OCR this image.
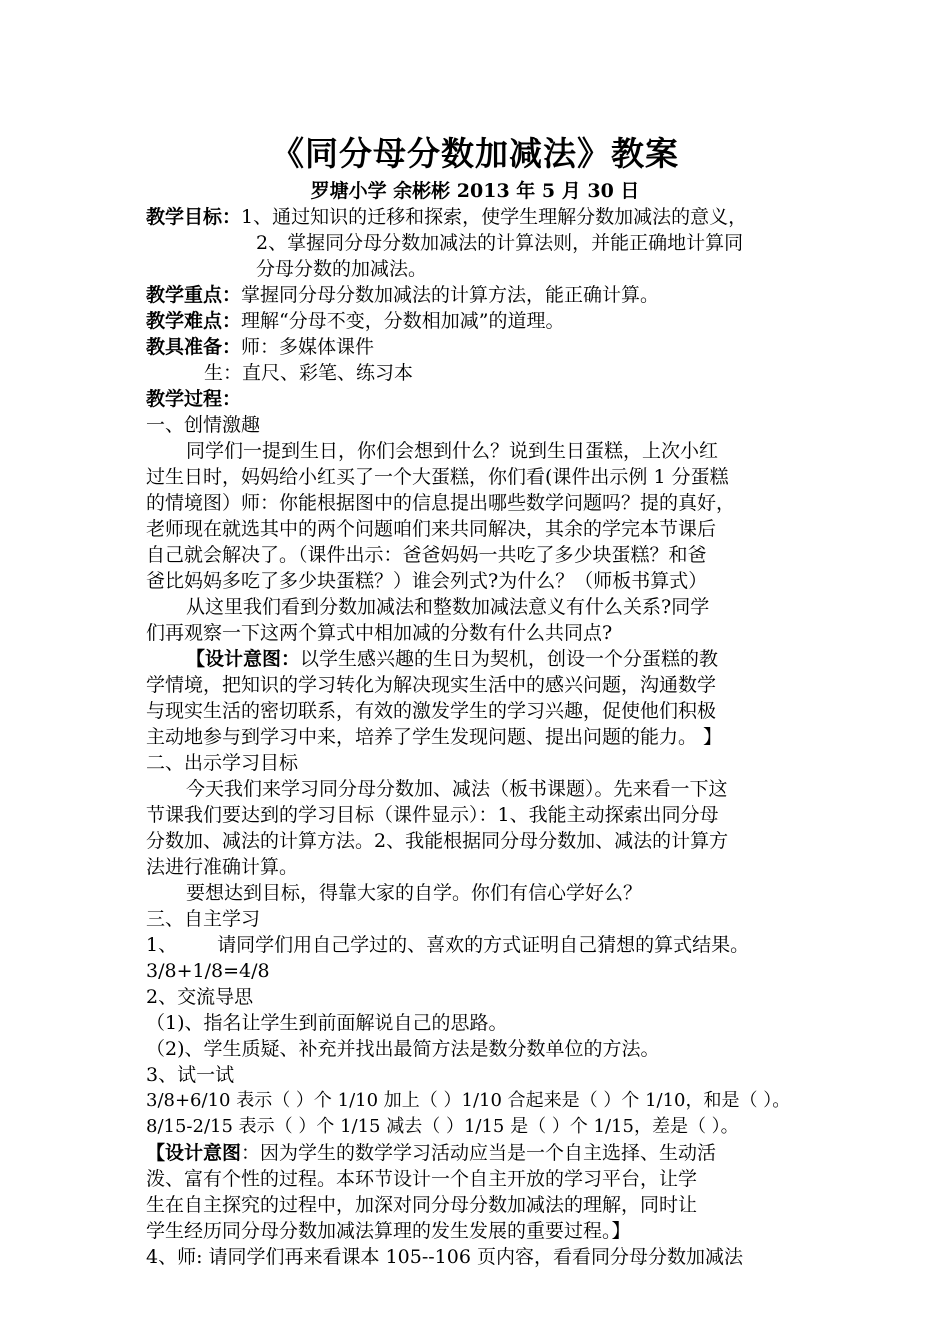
《同分母分数加减法》教案
罗塘小学 余彬彬 2013 年 5 月 30 日
教学目标：1、通过知识的迁移和探索，使学生理解分数加减法的意义，
2、掌握同分母分数加减法的计算法则，并能正确地计算同
分母分数的加减法。
教学重点：掌握同分母分数加减法的计算方法，能正确计算。
教学难点：理解“分母不变，分数相加减”的道理。
教具准备：师：多媒体课件
生：直尺、彩笔、练习本
教学过程：
一、创情激趣
同学们一提到生日，你们会想到什么？说到生日蛋糕，上次小红
过生日时，妈妈给小红买了一个大蛋糕，你们看(课件出示例 1 分蛋糕
的情境图）师：你能根据图中的信息提出哪些数学问题吗？提的真好，
老师现在就选其中的两个问题咱们来共同解决，其余的学完本节课后
自己就会解决了。（课件出示：爸爸妈妈一共吃了多少块蛋糕？和爸
爸比妈妈多吃了多少块蛋糕？）谁会列式?为什么？（师板书算式）
从这里我们看到分数加减法和整数加减法意义有什么关系?同学
们再观察一下这两个算式中相加减的分数有什么共同点?
【设计意图：以学生感兴趣的生日为契机，创设一个分蛋糕的教
学情境，把知识的学习转化为解决现实生活中的感兴问题，沟通数学
与现实生活的密切联系，有效的激发学生的学习兴趣，促使他们积极
主动地参与到学习中来，培养了学生发现问题、提出问题的能力。 】
二、出示学习目标
今天我们来学习同分母分数加、减法（板书课题）。先来看一下这
节课我们要达到的学习目标（课件显示）：1、我能主动探索出同分母
分数加、减法的计算方法。2、我能根据同分母分数加、减法的计算方
法进行准确计算。
要想达到目标，得靠大家的自学。你们有信心学好么？
三、自主学习
1、 请同学们用自己学过的、喜欢的方式证明自己猜想的算式结果。
3/8+1/8=4/8
2、交流导思
（1)、指名让学生到前面解说自己的思路。
（2)、学生质疑、补充并找出最简方法是数分数单位的方法。
3、试一试
3/8+6/10 表示（ ）个 1/10 加上（ ）1/10 合起来是（ ）个 1/10，和是（ ）。
8/15-2/15 表示（ ）个 1/15 减去（ ）1/15 是（ ）个 1/15，差是（ ）。
【设计意图：因为学生的数学学习活动应当是一个自主选择、生动活
泼、富有个性的过程。本环节设计一个自主开放的学习平台，让学
生在自主探究的过程中，加深对同分母分数加减法的理解，同时让
学生经历同分母分数加减法算理的发生发展的重要过程。】
4、师: 请同学们再来看课本 105--106 页内容，看看同分母分数加减法
